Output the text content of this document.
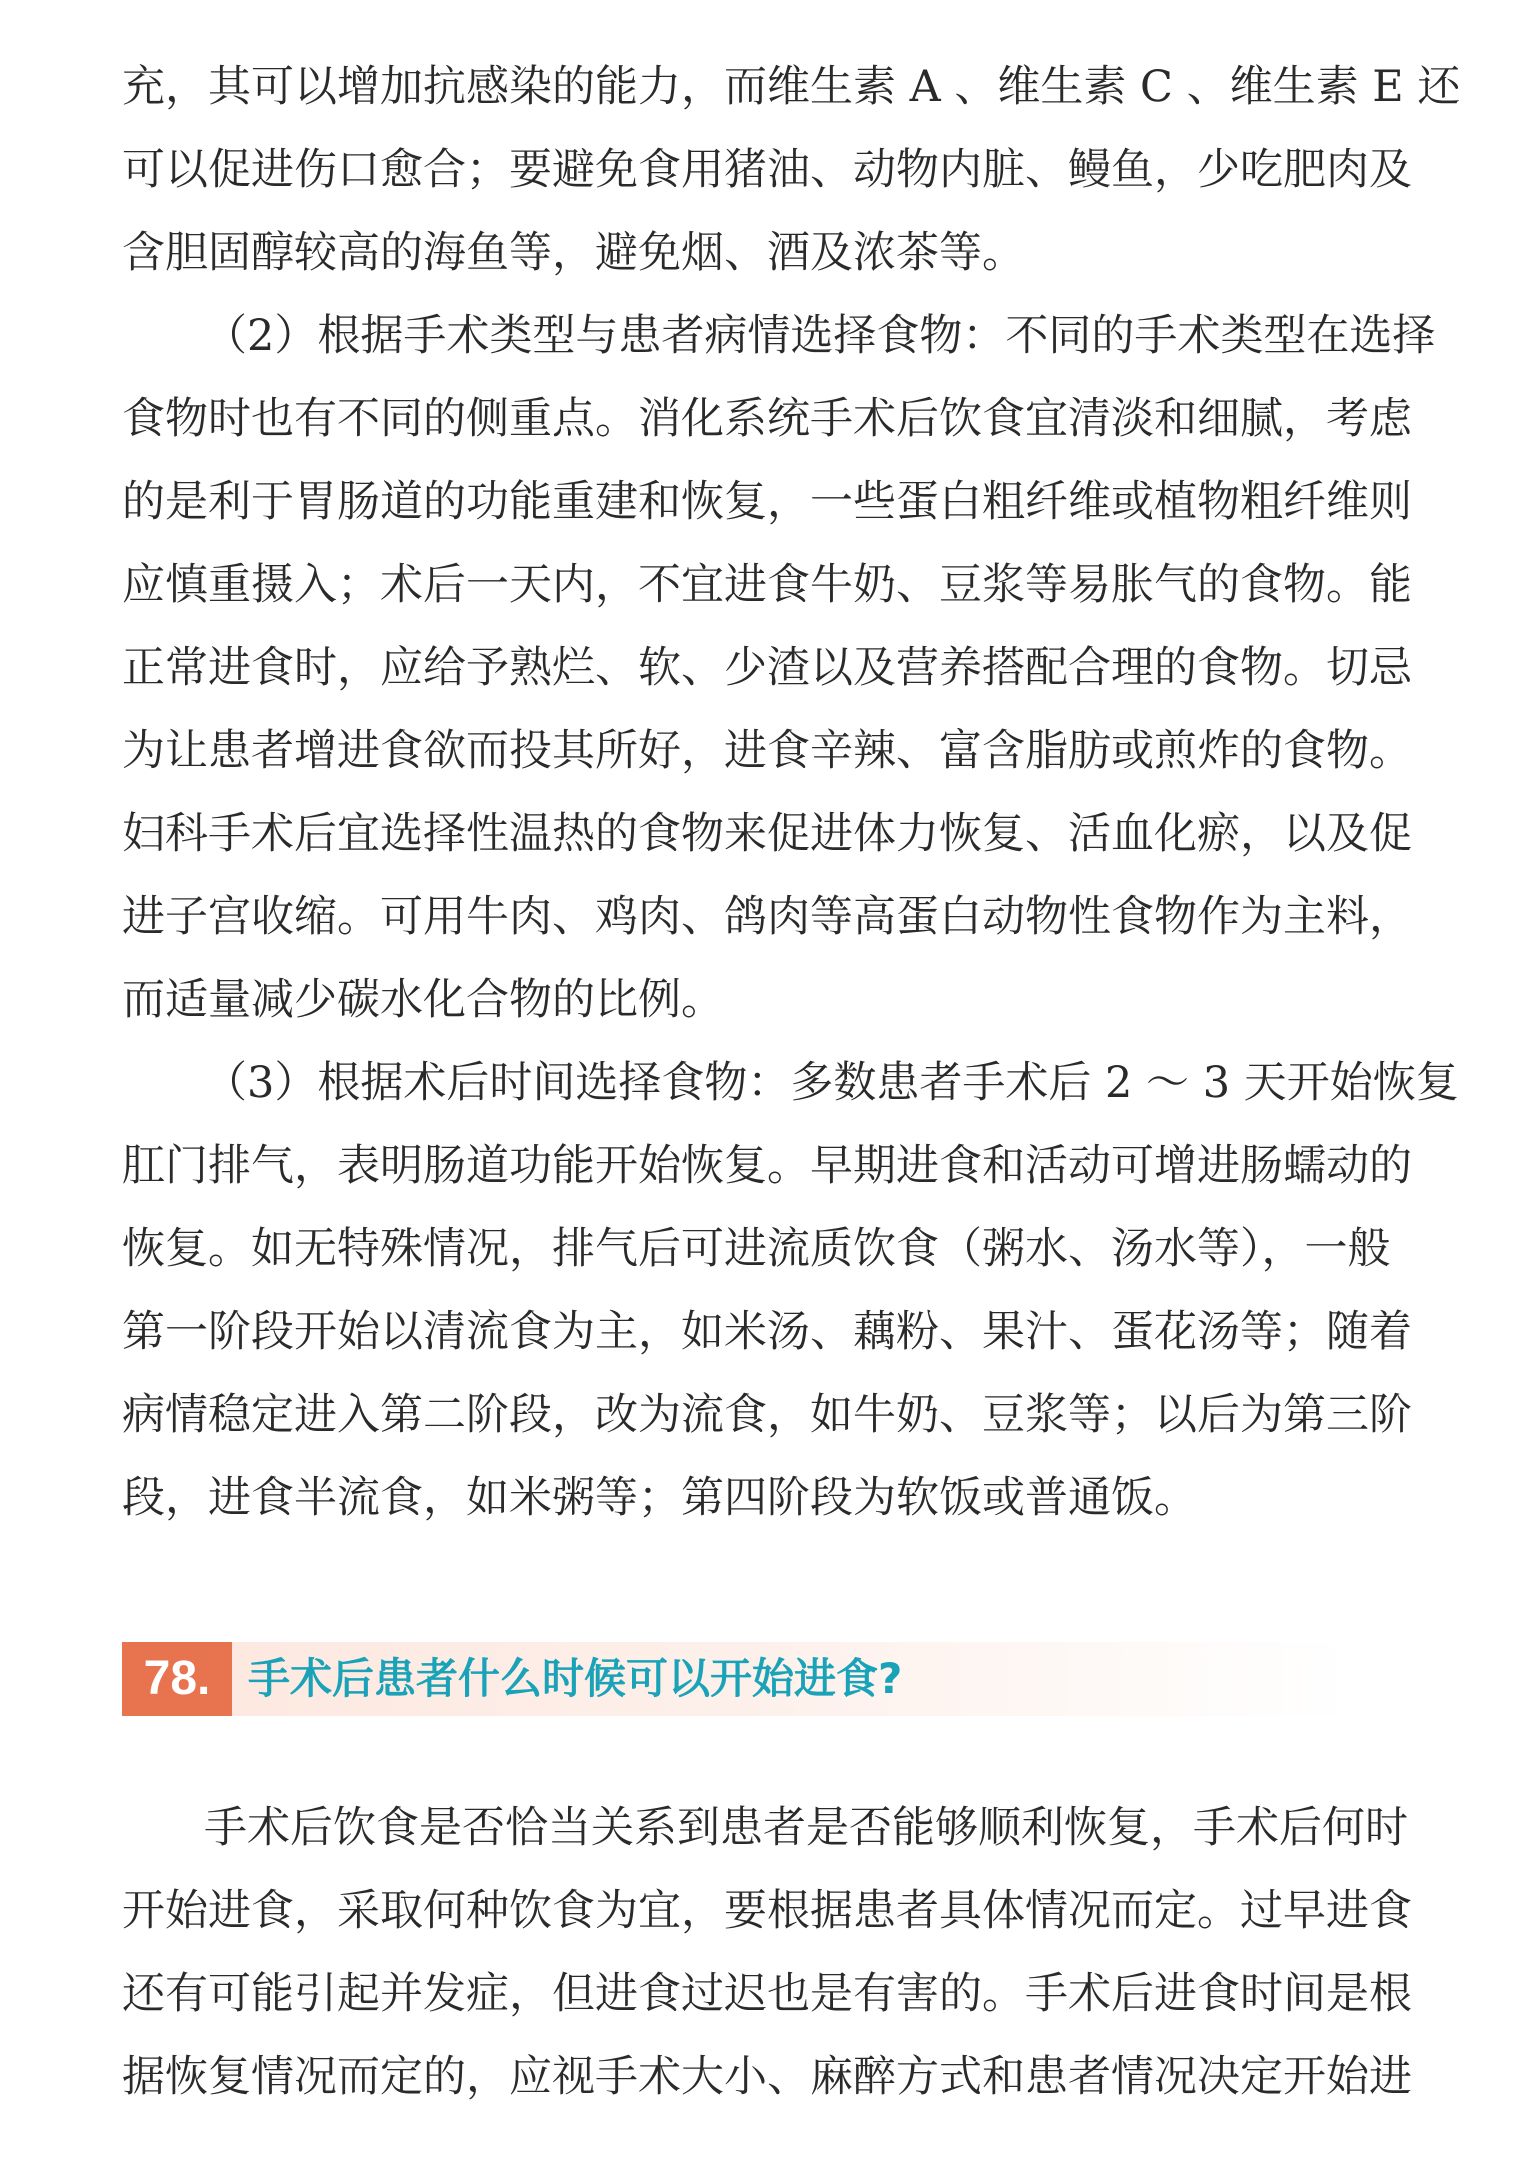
充，其可以增加抗感染的能力，而维生素 A 、维生素 C 、维生素 E 还
可以促进伤口愈合；要避免食用猪油、动物内脏、鳗鱼，少吃肥肉及
含胆固醇较高的海鱼等，避免烟、酒及浓茶等。
（2）根据手术类型与患者病情选择食物：不同的手术类型在选择
食物时也有不同的侧重点。消化系统手术后饮食宜清淡和细腻，考虑
的是利于胃肠道的功能重建和恢复，一些蛋白粗纤维或植物粗纤维则
应慎重摄入；术后一天内，不宜进食牛奶、豆浆等易胀气的食物。能
正常进食时，应给予熟烂、软、少渣以及营养搭配合理的食物。切忌
为让患者增进食欲而投其所好，进食辛辣、富含脂肪或煎炸的食物。
妇科手术后宜选择性温热的食物来促进体力恢复、活血化瘀，以及促
进子宫收缩。可用牛肉、鸡肉、鸽肉等高蛋白动物性食物作为主料，
而适量减少碳水化合物的比例。
（3）根据术后时间选择食物：多数患者手术后 2 ～ 3 天开始恢复
肛门排气，表明肠道功能开始恢复。早期进食和活动可增进肠蠕动的
恢复。如无特殊情况，排气后可进流质饮食（粥水、汤水等），一般
第一阶段开始以清流食为主，如米汤、藕粉、果汁、蛋花汤等；随着
病情稳定进入第二阶段，改为流食，如牛奶、豆浆等；以后为第三阶
段，进食半流食，如米粥等；第四阶段为软饭或普通饭。
78. 手术后患者什么时候可以开始进食?
手术后饮食是否恰当关系到患者是否能够顺利恢复，手术后何时
开始进食，采取何种饮食为宜，要根据患者具体情况而定。过早进食
还有可能引起并发症，但进食过迟也是有害的。手术后进食时间是根
据恢复情况而定的，应视手术大小、麻醉方式和患者情况决定开始进
